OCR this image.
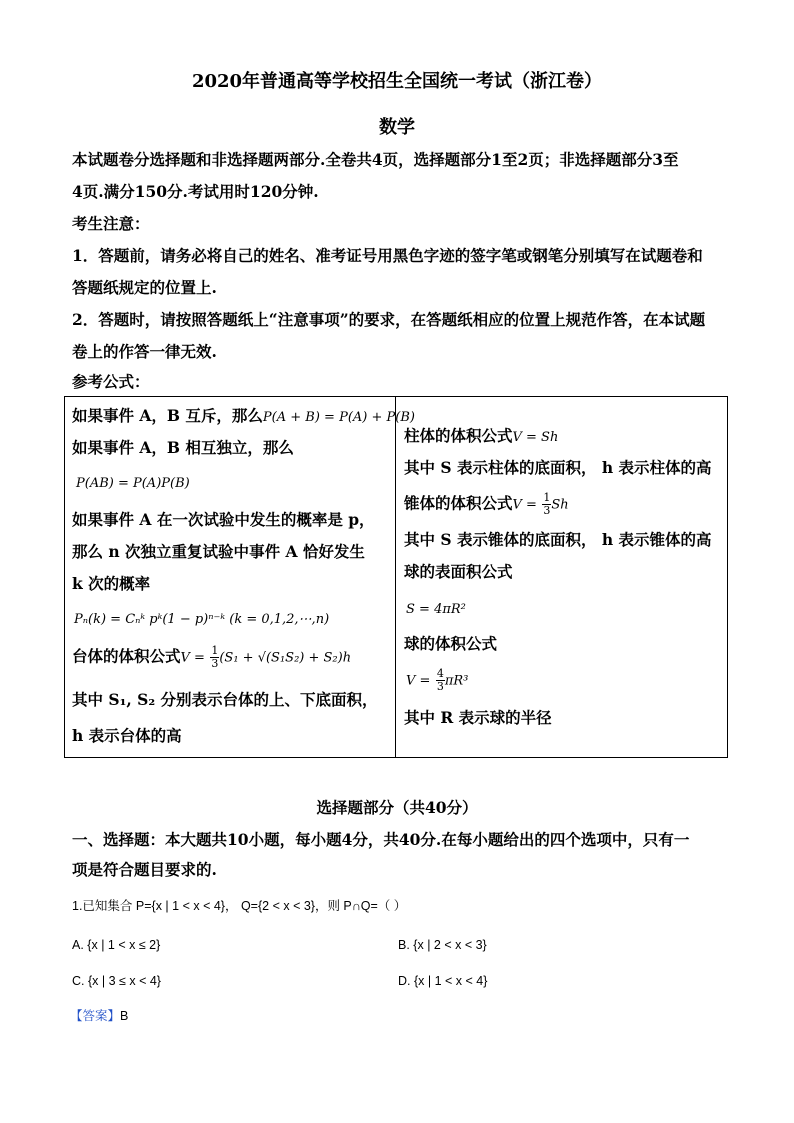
2020年普通高等学校招生全国统一考试（浙江卷）
数学
本试题卷分选择题和非选择题两部分.全卷共4页，选择题部分1至2页；非选择题部分3至
4页.满分150分.考试用时120分钟.
考生注意：
1．答题前，请务必将自己的姓名、准考证号用黑色字迹的签字笔或钢笔分别填写在试题卷和
答题纸规定的位置上.
2．答题时，请按照答题纸上“注意事项”的要求，在答题纸相应的位置上规范作答，在本试题
卷上的作答一律无效.
参考公式：
如果事件 A，B 互斥，那么P(A + B) = P(A) + P(B)
如果事件 A，B 相互独立，那么
P(AB) = P(A)P(B)
如果事件 A 在一次试验中发生的概率是 p，
那么 n 次独立重复试验中事件 A 恰好发生
k 次的概率
Pₙ(k) = Cₙᵏ pᵏ(1 − p)ⁿ⁻ᵏ (k = 0,1,2,⋯,n)
台体的体积公式$V = \frac{1}{3} (S_1 + √(S_1S_2) + S_2)h$
其中 S₁, S₂ 分别表示台体的上、下底面积，
h 表示台体的高
柱体的体积公式V = Sh
其中 S 表示柱体的底面积， h 表示柱体的高
锥体的体积公式$V = \frac{1}{3}$ Sh
其中 S 表示锥体的底面积， h 表示锥体的高
球的表面积公式
S = 4πR²
球的体积公式
$V = \frac{4}{3} \pi R^3$
其中 R 表示球的半径
选择题部分（共40分）
一、选择题：本大题共10小题，每小题4分，共40分.在每小题给出的四个选项中，只有一
项是符合题目要求的.
1.已知集合 P={x | 1 < x < 4}， Q={2 < x < 3}，则 P∩Q=（ ）
A. {x | 1 < x ≤ 2}	B. {x | 2 < x < 3}
C. {x | 3 ≤ x < 4}	D. {x | 1 < x < 4}
【答案】B
